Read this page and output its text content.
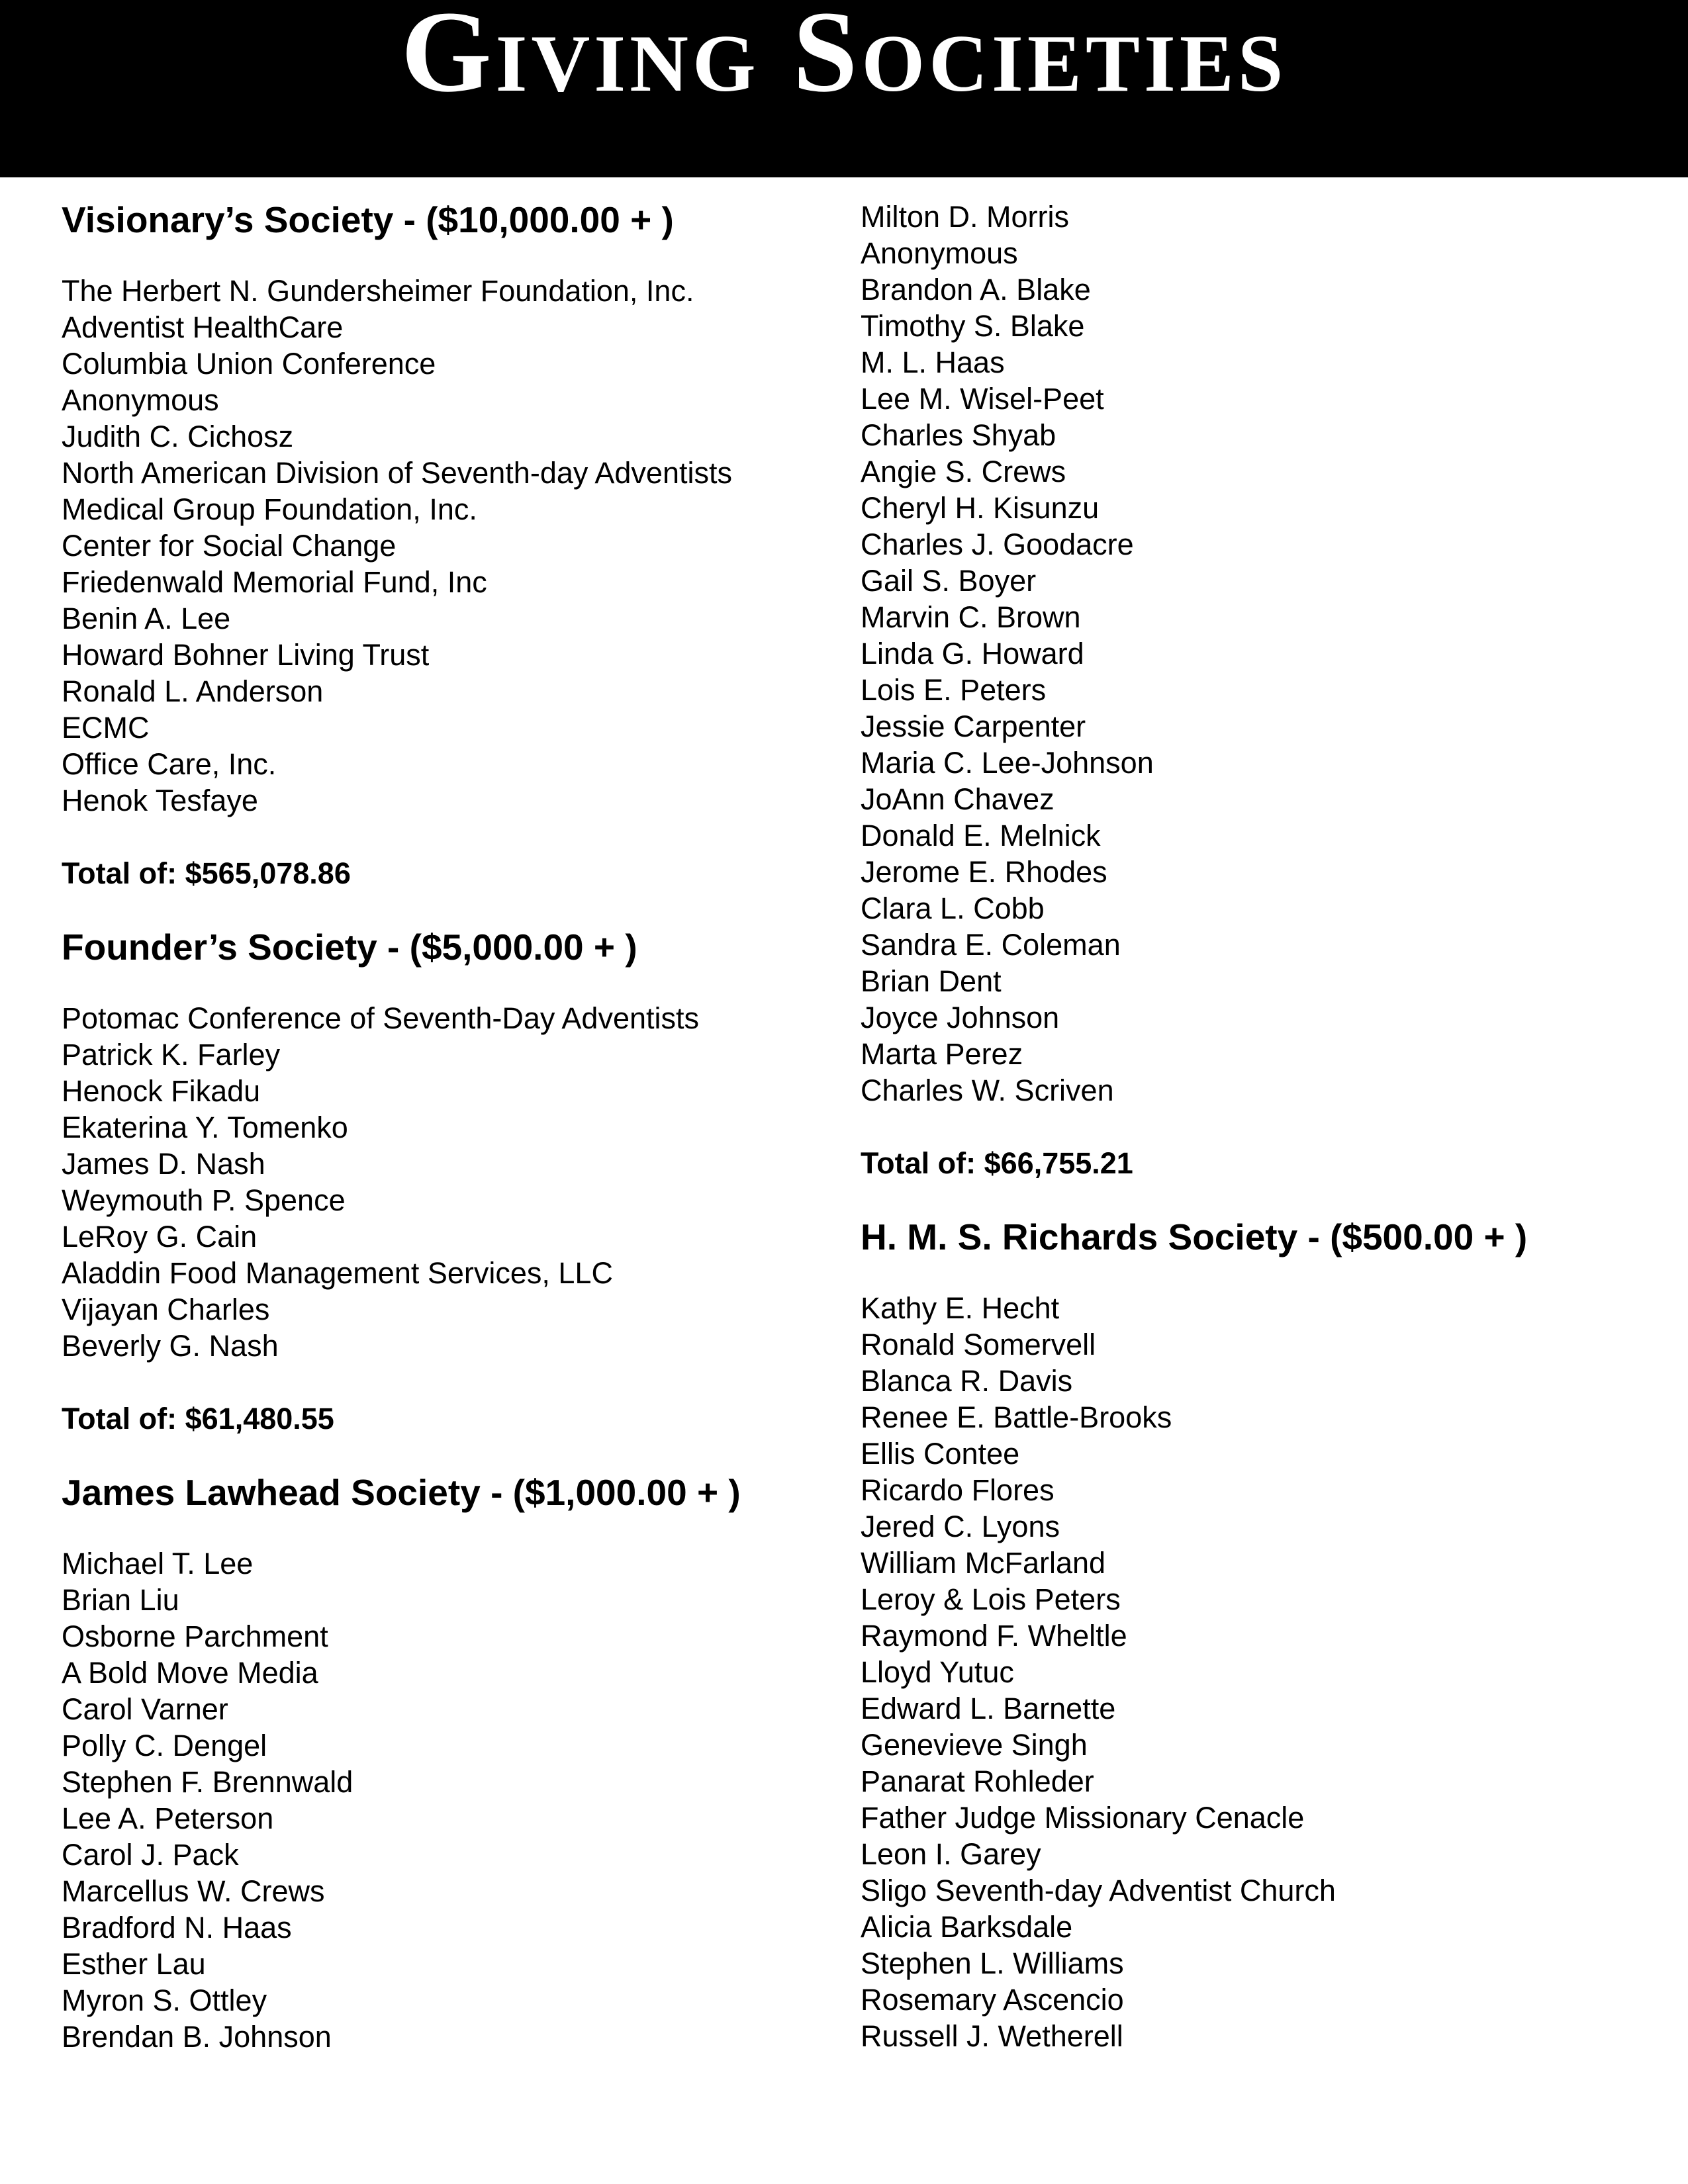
Giving Societies
Visionary’s Society - ($10,000.00 + )
The Herbert N. Gundersheimer Foundation, Inc.
Adventist HealthCare
Columbia Union Conference
Anonymous
Judith C. Cichosz
North American Division of Seventh-day Adventists
Medical Group Foundation, Inc.
Center for Social Change
Friedenwald Memorial Fund, Inc
Benin A. Lee
Howard Bohner Living Trust
Ronald L. Anderson
ECMC
Office Care, Inc.
Henok Tesfaye

Total of: $565,078.86

Founder’s Society - ($5,000.00 + )
Potomac Conference of Seventh-Day Adventists
Patrick K. Farley
Henock Fikadu
Ekaterina Y. Tomenko
James D. Nash
Weymouth P. Spence
LeRoy G. Cain
Aladdin Food Management Services, LLC
Vijayan Charles
Beverly G. Nash

Total of: $61,480.55

James Lawhead Society - ($1,000.00 + )
Michael T. Lee
Brian Liu
Osborne Parchment
A Bold Move Media
Carol Varner
Polly C. Dengel
Stephen F. Brennwald
Lee A. Peterson
Carol J. Pack
Marcellus W. Crews
Bradford N. Haas
Esther Lau
Myron S. Ottley
Brendan B. Johnson
Milton D. Morris
Anonymous
Brandon A. Blake
Timothy S. Blake
M. L. Haas
Lee M. Wisel-Peet
Charles Shyab
Angie S. Crews
Cheryl H. Kisunzu
Charles J. Goodacre
Gail S. Boyer
Marvin C. Brown
Linda G. Howard
Lois E. Peters
Jessie Carpenter
Maria C. Lee-Johnson
JoAnn Chavez
Donald E. Melnick
Jerome E. Rhodes
Clara L. Cobb
Sandra E. Coleman
Brian Dent
Joyce Johnson
Marta Perez
Charles W. Scriven

Total of: $66,755.21

H. M. S. Richards Society - ($500.00 + )
Kathy E. Hecht
Ronald Somervell
Blanca R. Davis
Renee E. Battle-Brooks
Ellis Contee
Ricardo Flores
Jered C. Lyons
William McFarland
Leroy & Lois Peters
Raymond F. Wheltle
Lloyd Yutuc
Edward L. Barnette
Genevieve Singh
Panarat Rohleder
Father Judge Missionary Cenacle
Leon I. Garey
Sligo Seventh-day Adventist Church
Alicia Barksdale
Stephen L. Williams
Rosemary Ascencio
Russell J. Wetherell
